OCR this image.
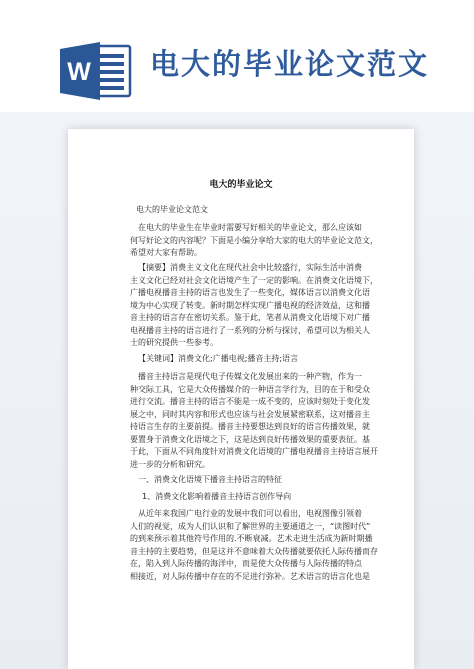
W 电大的毕业论文范文
电大的毕业论文
电大的毕业论文范文
在电大的毕业生在毕业时需要写好相关的毕业论文，那么应该如
何写好论文的内容呢？下面是小编分享给大家的电大的毕业论文范文，
希望对大家有帮助。
【摘要】消费主义文化在现代社会中比较盛行，实际生活中消费
主义文化已经对社会文化语境产生了一定的影响。在消费文化语境下，
广播电视播音主持的语言也发生了一些变化，媒体语言以消费文化语
境为中心实现了转变。新时期怎样实现广播电视的经济效益，这和播
音主持的语言存在密切关系。鉴于此，笔者从消费文化语境下对广播
电视播音主持的语言进行了一系列的分析与探讨，希望可以为相关人
士的研究提供一些参考。
【关键词】消费文化;广播电视;播音主持;语言
播音主持语言是现代电子传媒文化发展出来的一种产物，作为一
种交际工具，它是大众传播媒介的一种语言学行为，目的在于和受众
进行交流。播音主持的语言不能是一成不变的，应该时刻处于变化发
展之中，同时其内容和形式也应该与社会发展紧密联系，这对播音主
持语言生存的主要前提。播音主持要想达到良好的语言传播效果，就
要置身于消费文化语境之下，这是达到良好传播效果的重要表征。基
于此，下面从不同角度针对消费文化语境的广播电视播音主持语言展开
进一步的分析和研究。
一、消费文化语境下播音主持语言的特征
1、消费文化影响着播音主持语言创作导向
从近年来我国广电行业的发展中我们可以看出，电视图像引领着
人们的视觉，成为人们认识和了解世界的主要通道之一，“读图时代”
的到来预示着其他符号作用的.不断衰减。艺术走进生活成为新时期播
音主持的主要趋势，但是这并不意味着大众传播就要依托人际传播而存
在，陷入到人际传播的海洋中，而是使大众传播与人际传播的特点
相接近，对人际传播中存在的不足进行弥补。艺术语言的语言化也是
